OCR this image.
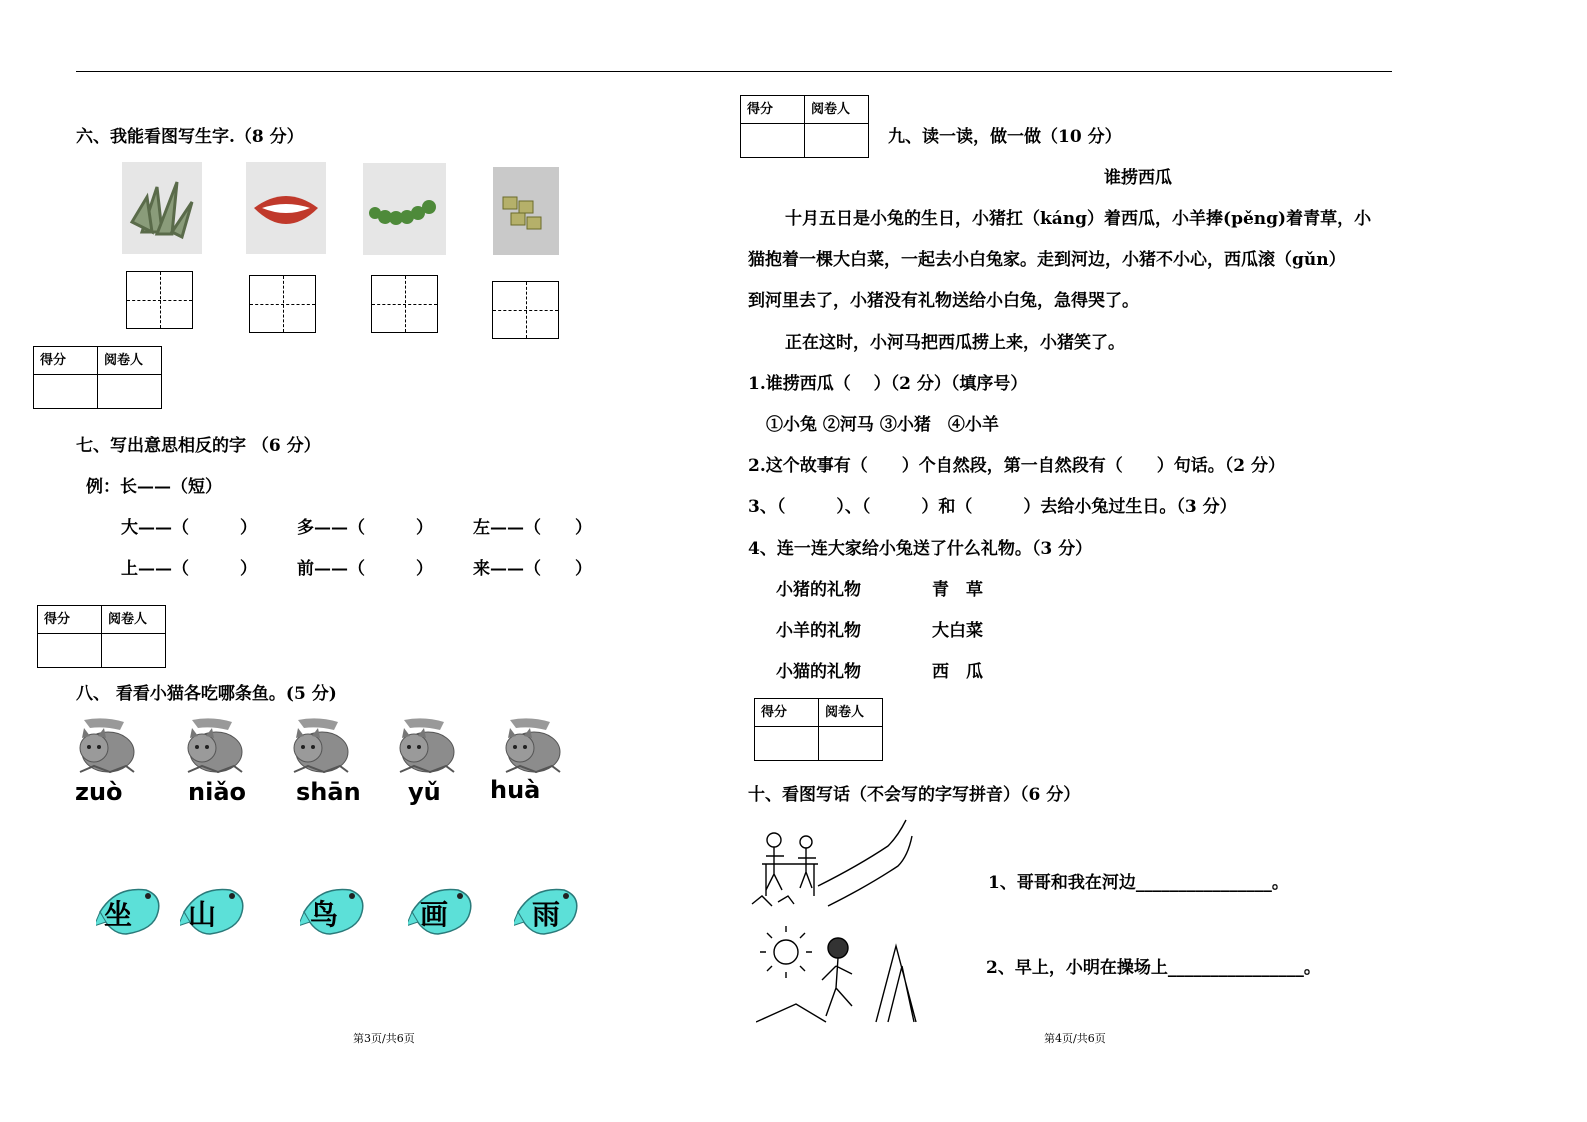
六、我能看图写生字.（8 分）
得分	阅卷人

七、写出意思相反的字 （6 分）
例：长——（短）
大——（　　　） 多——（　　　） 左——（　　）
上——（　　　） 前——（　　　） 来——（　　）
得分	阅卷人

八、 看看小猫各吃哪条鱼。(5 分)
zuò	niǎo shān yǔ huà
坐	山	鸟	画	雨
第3页/共6页
得分	阅卷人

九、读一读，做一做（10 分）
谁捞西瓜
十月五日是小兔的生日，小猪扛（káng）着西瓜，小羊捧(pěng)着青草，小
猫抱着一棵大白菜，一起去小白兔家。走到河边，小猪不小心，西瓜滚（gǔn）
到河里去了，小猪没有礼物送给小白兔，急得哭了。
正在这时，小河马把西瓜捞上来，小猪笑了。
1.谁捞西瓜（　 ）（2 分）（填序号）
①小兔 ②河马 ③小猪　④小羊
2.这个故事有（　　）个自然段，第一自然段有（　　）句话。（2 分）
3、（　　　）、（　　　）和（　　　）去给小兔过生日。（3 分）
4、连一连大家给小兔送了什么礼物。（3 分）
小猪的礼物	青　草
小羊的礼物	大白菜
小猫的礼物	西　瓜
得分	阅卷人

十、看图写话（不会写的字写拼音）（6 分）
1、哥哥和我在河边________________。
2、早上，小明在操场上________________。
第4页/共6页
